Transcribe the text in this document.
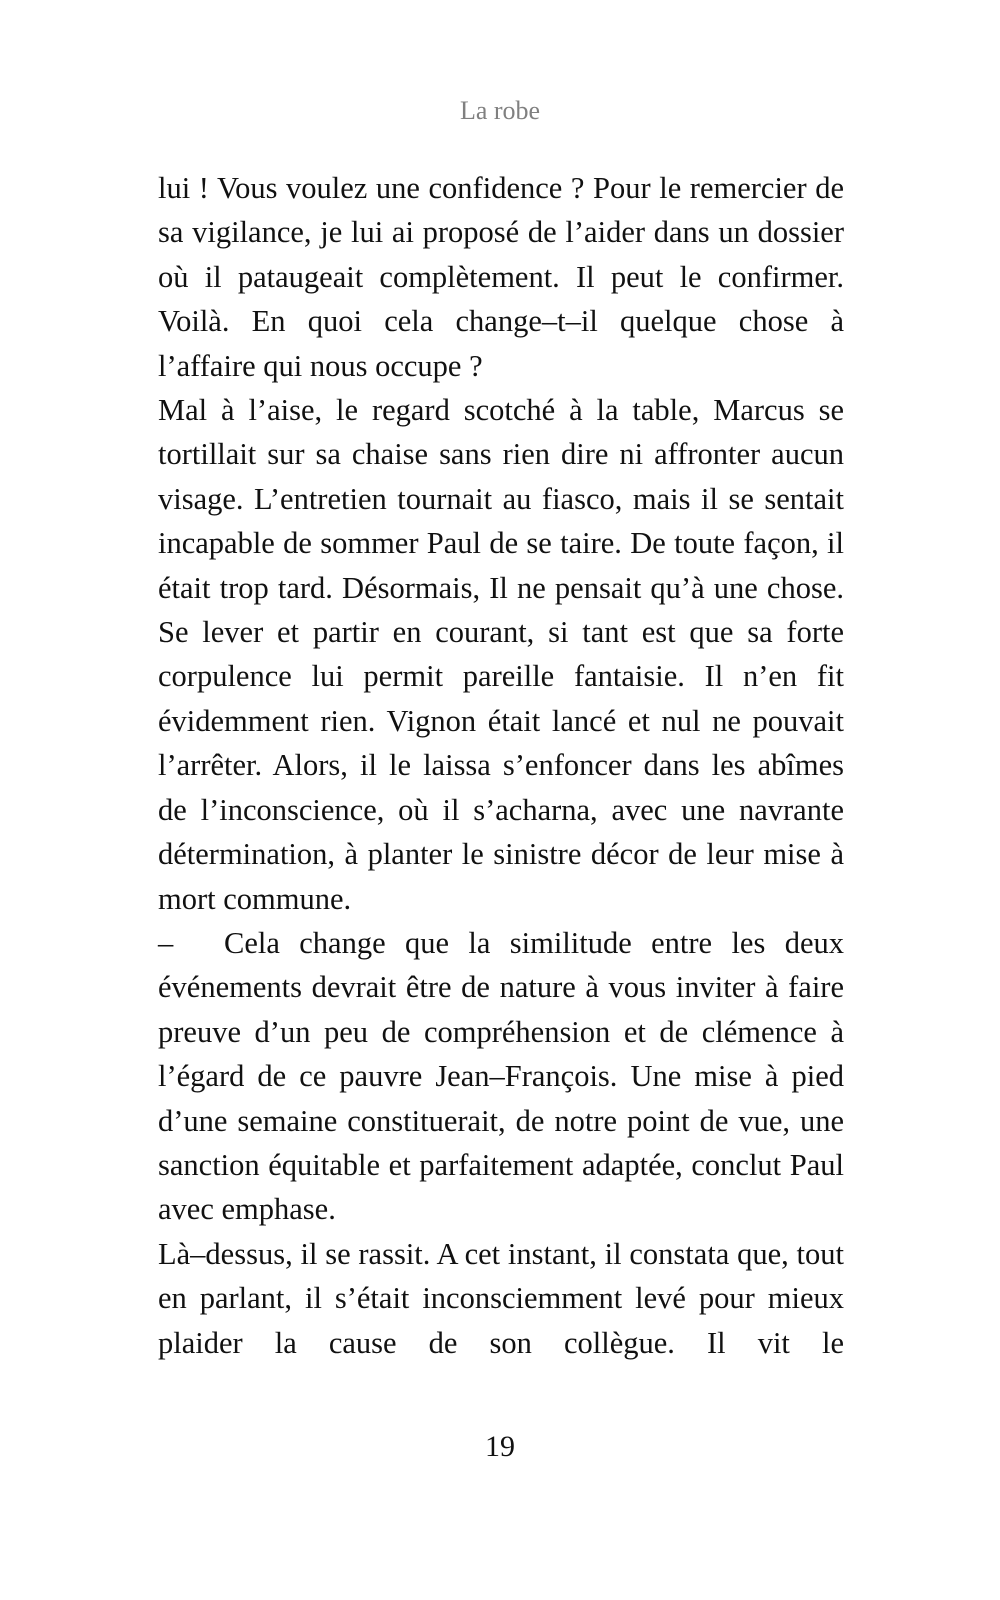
La robe

lui ! Vous voulez une confidence ? Pour le remercier de sa vigilance, je lui ai proposé de l’aider dans un dossier où il pataugeait complètement. Il peut le confirmer. Voilà. En quoi cela change–t–il quelque chose à l’affaire qui nous occupe ?

Mal à l’aise, le regard scotché à la table, Marcus se tortillait sur sa chaise sans rien dire ni affronter aucun visage. L’entretien tournait au fiasco, mais il se sentait incapable de sommer Paul de se taire. De toute façon, il était trop tard. Désormais, Il ne pensait qu’à une chose. Se lever et partir en courant, si tant est que sa forte corpulence lui permit pareille fantaisie. Il n’en fit évidemment rien. Vignon était lancé et nul ne pouvait l’arrêter. Alors, il le laissa s’enfoncer dans les abîmes de l’inconscience, où il s’acharna, avec une navrante détermination, à planter le sinistre décor de leur mise à mort commune.

– Cela change que la similitude entre les deux événements devrait être de nature à vous inviter à faire preuve d’un peu de compréhension et de clémence à l’égard de ce pauvre Jean–François. Une mise à pied d’une semaine constituerait, de notre point de vue, une sanction équitable et parfaitement adaptée, conclut Paul avec emphase.

Là–dessus, il se rassit. A cet instant, il constata que, tout en parlant, il s’était inconsciemment levé pour mieux plaider la cause de son collègue. Il vit le

19
